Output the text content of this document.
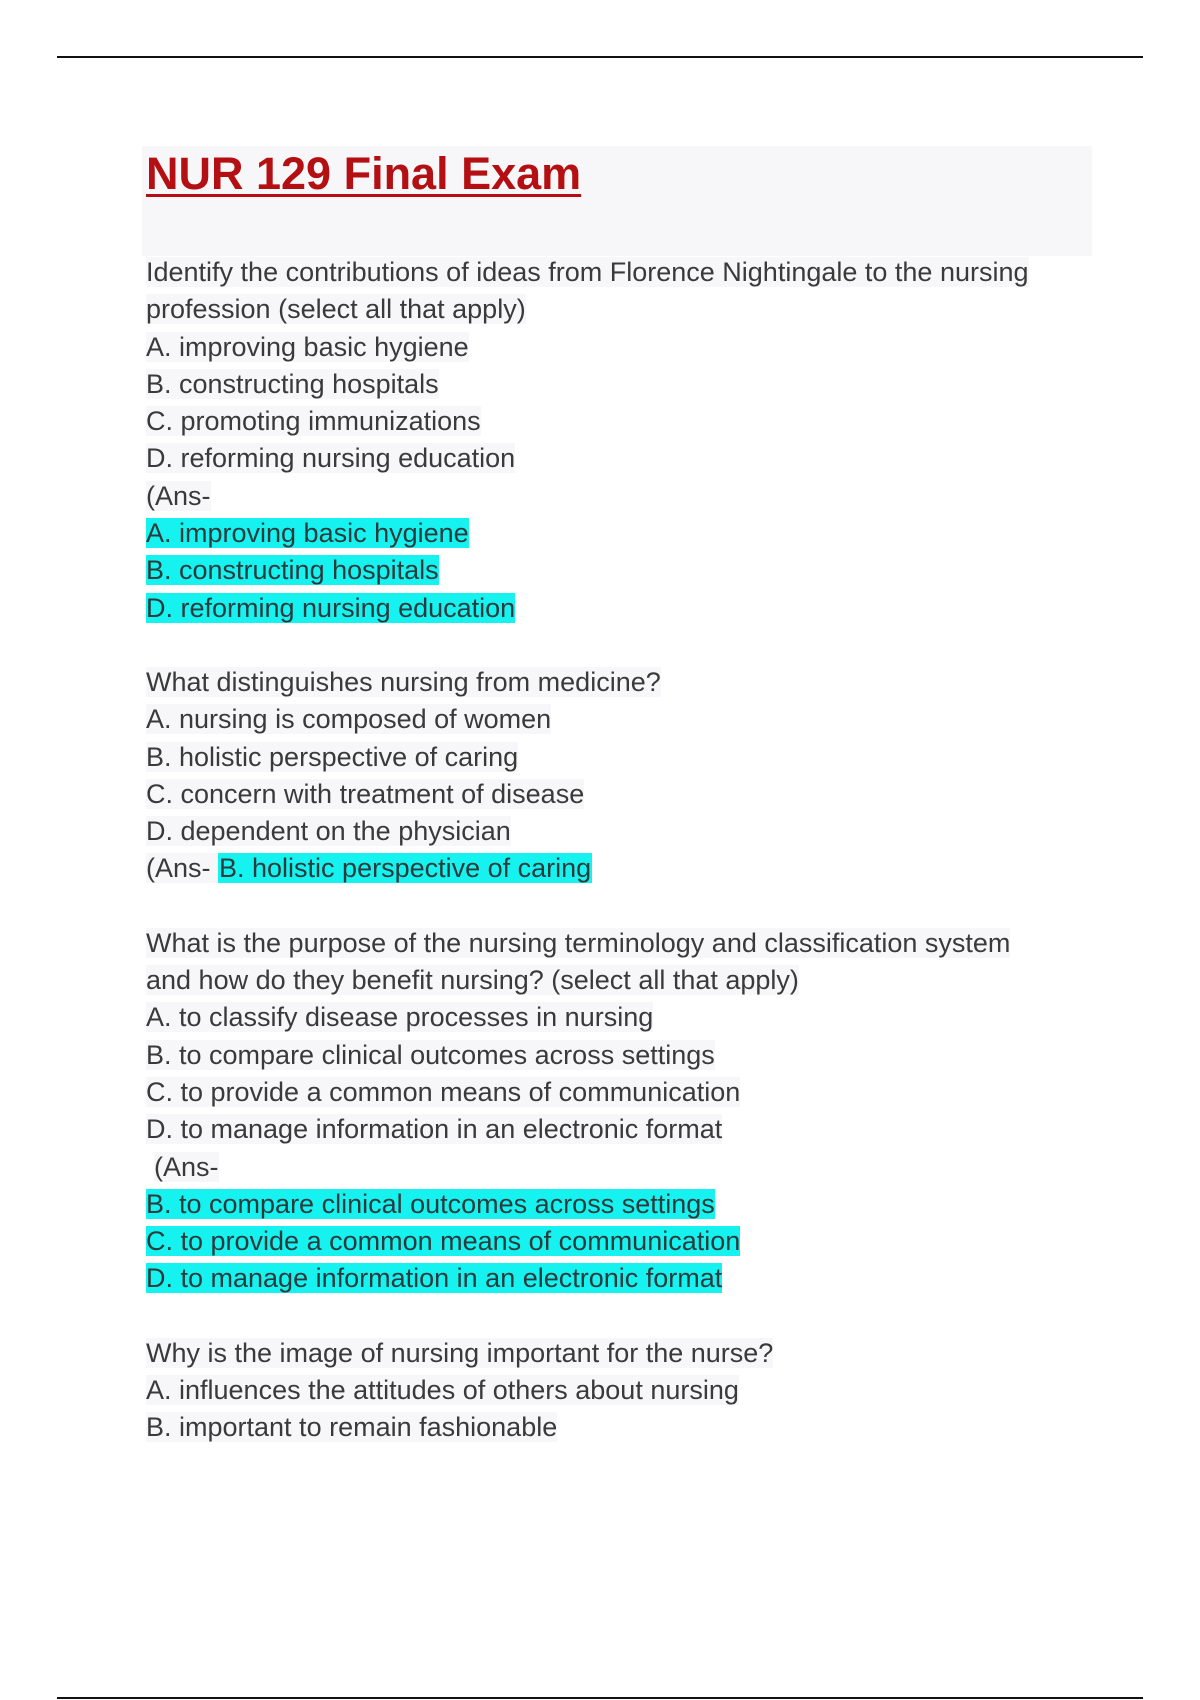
NUR 129 Final Exam
Identify the contributions of ideas from Florence Nightingale to the nursing
profession (select all that apply)
A. improving basic hygiene
B. constructing hospitals
C. promoting immunizations
D. reforming nursing education
(Ans-
A. improving basic hygiene
B. constructing hospitals
D. reforming nursing education
What distinguishes nursing from medicine?
A. nursing is composed of women
B. holistic perspective of caring
C. concern with treatment of disease
D. dependent on the physician
(Ans- B. holistic perspective of caring
What is the purpose of the nursing terminology and classification system
and how do they benefit nursing? (select all that apply)
A. to classify disease processes in nursing
B. to compare clinical outcomes across settings
C. to provide a common means of communication
D. to manage information in an electronic format
(Ans-
B. to compare clinical outcomes across settings
C. to provide a common means of communication
D. to manage information in an electronic format
Why is the image of nursing important for the nurse?
A. influences the attitudes of others about nursing
B. important to remain fashionable
